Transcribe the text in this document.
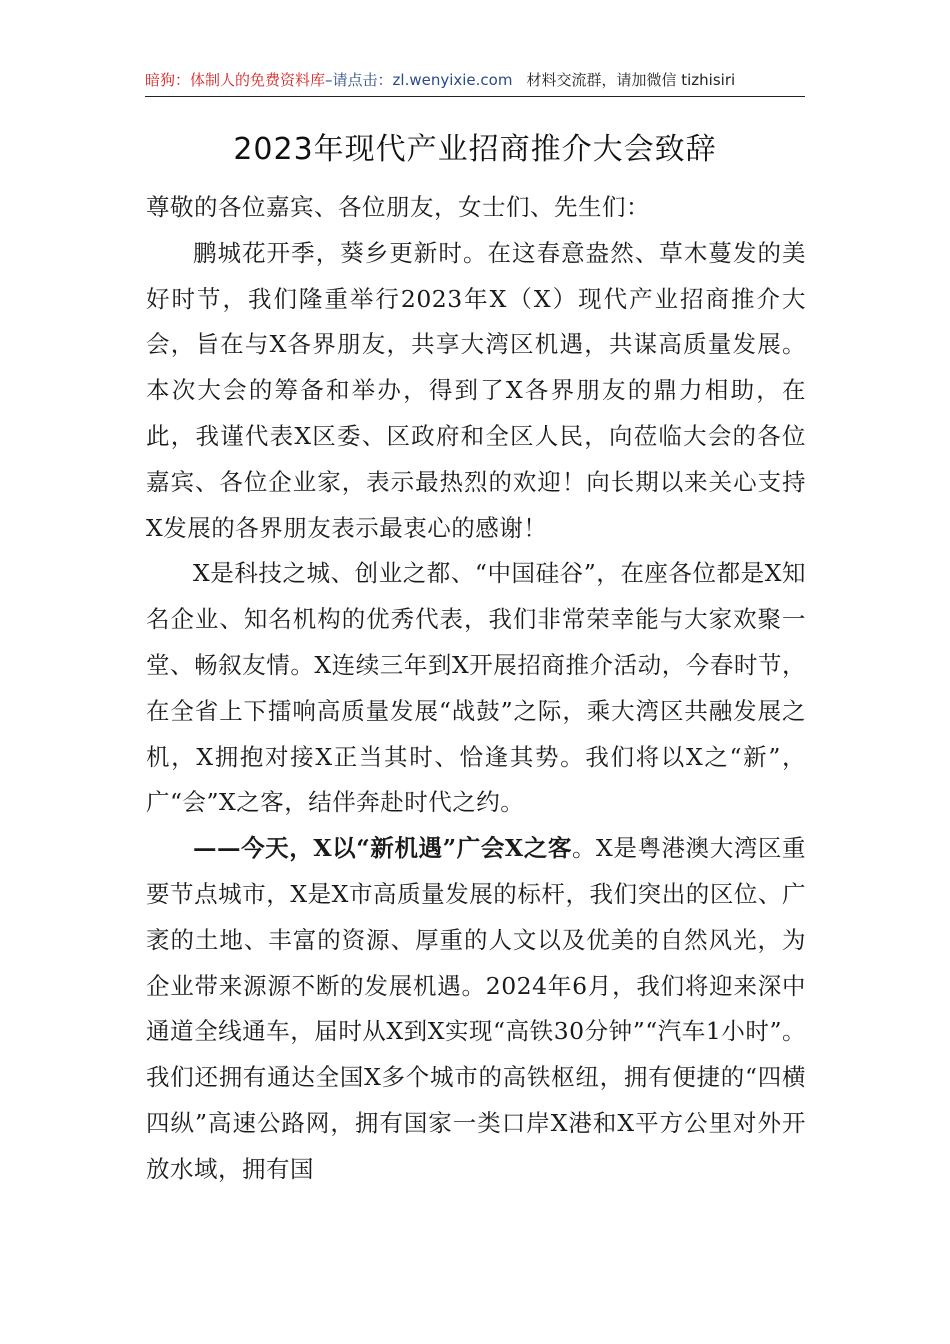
暗狗：体制人的免费资料库–请点击：zl.wenyixie.com 材料交流群，请加微信 tizhisiri
2023年现代产业招商推介大会致辞

尊敬的各位嘉宾、各位朋友，女士们、先生们：

鹏城花开季，葵乡更新时。在这春意盎然、草木蔓发的美好时节，我们隆重举行2023年X（X）现代产业招商推介大会，旨在与X各界朋友，共享大湾区机遇，共谋高质量发展。本次大会的筹备和举办，得到了X各界朋友的鼎力相助，在此，我谨代表X区委、区政府和全区人民，向莅临大会的各位嘉宾、各位企业家，表示最热烈的欢迎！向长期以来关心支持X发展的各界朋友表示最衷心的感谢！

X是科技之城、创业之都、“中国硅谷”，在座各位都是X知名企业、知名机构的优秀代表，我们非常荣幸能与大家欢聚一堂、畅叙友情。X连续三年到X开展招商推介活动，今春时节，在全省上下擂响高质量发展“战鼓”之际，乘大湾区共融发展之机，X拥抱对接X正当其时、恰逢其势。我们将以X之“新”，广“会”X之客，结伴奔赴时代之约。

——今天，X以“新机遇”广会X之客。X是粤港澳大湾区重要节点城市，X是X市高质量发展的标杆，我们突出的区位、广袤的土地、丰富的资源、厚重的人文以及优美的自然风光，为企业带来源源不断的发展机遇。2024年6月，我们将迎来深中通道全线通车，届时从X到X实现“高铁30分钟”“汽车1小时”。我们还拥有通达全国X多个城市的高铁枢纽，拥有便捷的“四横四纵”高速公路网，拥有国家一类口岸X港和X平方公里对外开放水域，拥有国
